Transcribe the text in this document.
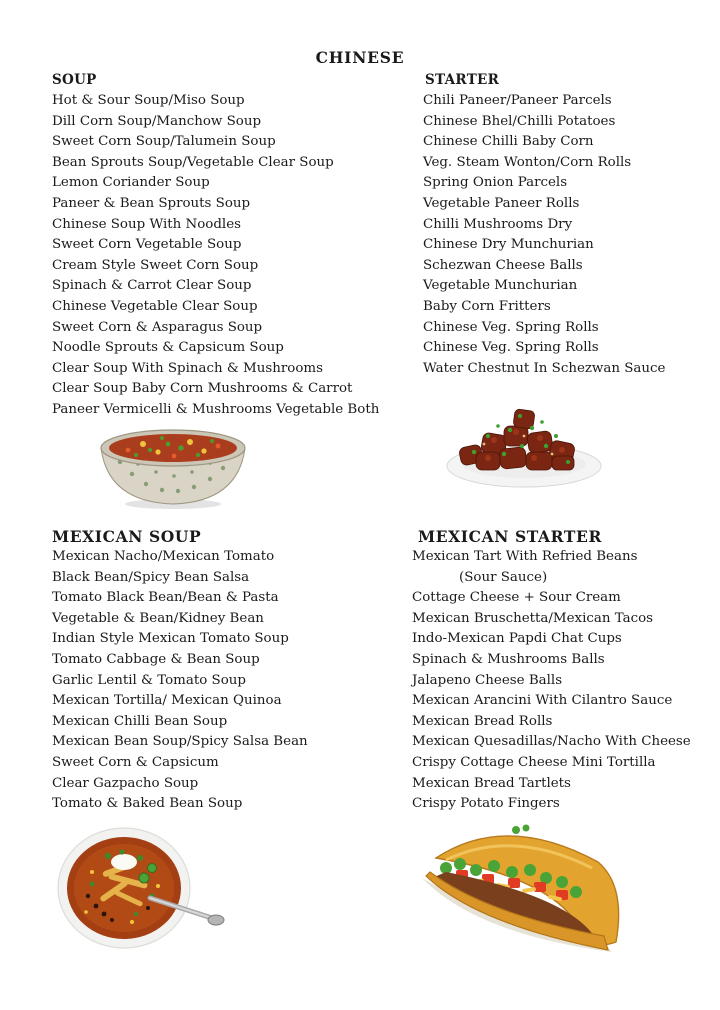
CHINESE
SOUP
Hot & Sour Soup/Miso Soup
Dill Corn Soup/Manchow Soup
Sweet Corn Soup/Talumein Soup
Bean Sprouts Soup/Vegetable Clear Soup
Lemon Coriander Soup
Paneer & Bean Sprouts Soup
Chinese Soup With Noodles
Sweet Corn Vegetable Soup
Cream Style Sweet Corn Soup
Spinach & Carrot Clear Soup
Chinese Vegetable Clear Soup
Sweet Corn & Asparagus Soup
Noodle Sprouts & Capsicum Soup
Clear Soup With Spinach & Mushrooms
Clear Soup Baby Corn Mushrooms & Carrot
Paneer Vermicelli & Mushrooms Vegetable Both
STARTER
Chili Paneer/Paneer Parcels
Chinese Bhel/Chilli Potatoes
Chinese Chilli Baby Corn
Veg. Steam Wonton/Corn Rolls
Spring Onion Parcels
Vegetable Paneer Rolls
Chilli Mushrooms Dry
Chinese Dry Munchurian
Schezwan Cheese Balls
Vegetable Munchurian
Baby Corn Fritters
Chinese Veg. Spring Rolls
Chinese Veg. Spring Rolls
Water Chestnut In Schezwan Sauce
MEXICAN SOUP
Mexican Nacho/Mexican Tomato
Black Bean/Spicy Bean Salsa
Tomato Black Bean/Bean & Pasta
Vegetable & Bean/Kidney Bean
Indian Style Mexican Tomato Soup
Tomato Cabbage & Bean Soup
Garlic Lentil & Tomato Soup
Mexican Tortilla/ Mexican Quinoa
Mexican Chilli Bean Soup
Mexican Bean Soup/Spicy Salsa Bean
Sweet Corn & Capsicum
Clear Gazpacho Soup
Tomato & Baked Bean Soup
MEXICAN STARTER
Mexican Tart With Refried Beans
(Sour Sauce)
Cottage Cheese + Sour Cream
Mexican Bruschetta/Mexican Tacos
Indo-Mexican Papdi Chat Cups
Spinach & Mushrooms Balls
Jalapeno Cheese Balls
Mexican Arancini With Cilantro Sauce
Mexican Bread Rolls
Mexican Quesadillas/Nacho With Cheese
Crispy Cottage Cheese Mini Tortilla
Mexican Bread Tartlets
Crispy Potato Fingers
